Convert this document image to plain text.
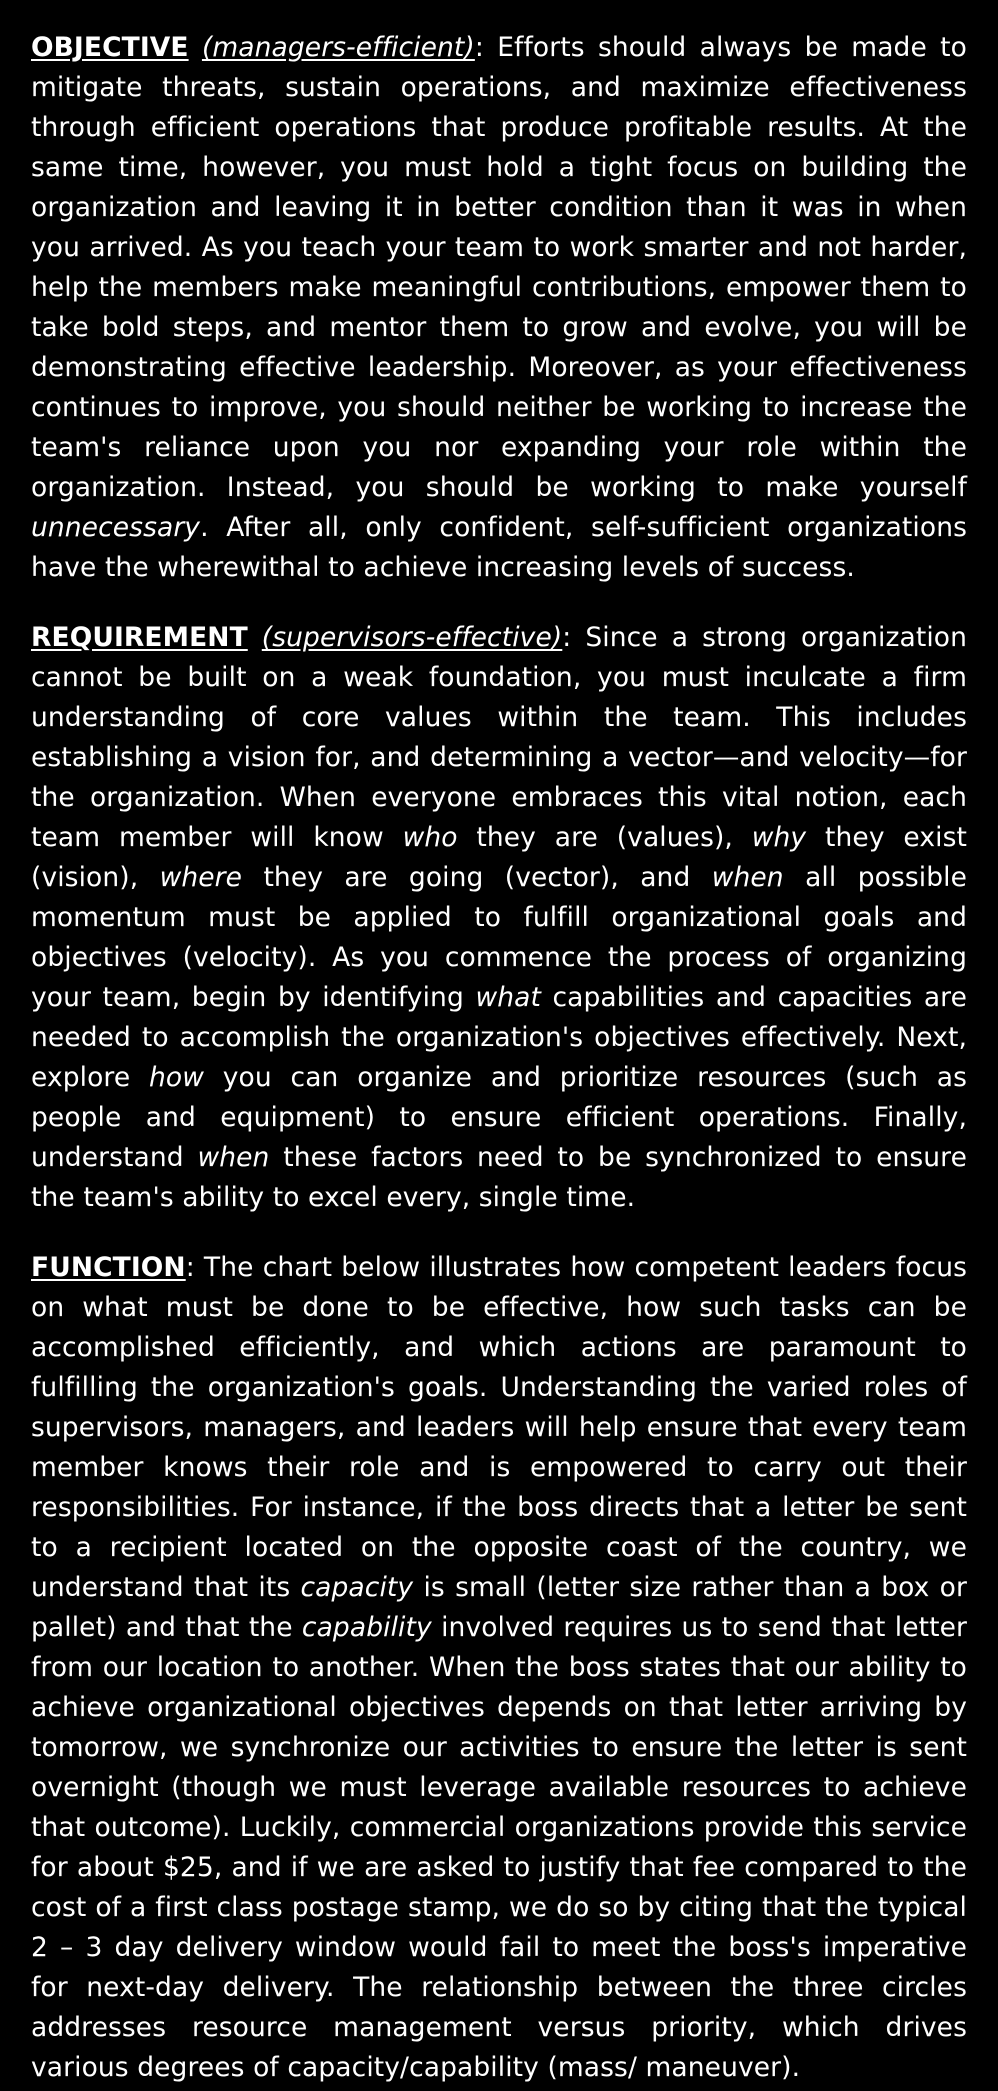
OBJECTIVE (managers-efficient): Efforts should always be made to mitigate threats, sustain operations, and maximize effectiveness through efficient operations that produce profitable results. At the same time, however, you must hold a tight focus on building the organization and leaving it in better condition than it was in when you arrived. As you teach your team to work smarter and not harder, help the members make meaningful contributions, empower them to take bold steps, and mentor them to grow and evolve, you will be demonstrating effective leadership. Moreover, as your effectiveness continues to improve, you should neither be working to increase the team's reliance upon you nor expanding your role within the organization. Instead, you should be working to make yourself unnecessary. After all, only confident, self-sufficient organizations have the wherewithal to achieve increasing levels of success.

REQUIREMENT (supervisors-effective): Since a strong organization cannot be built on a weak foundation, you must inculcate a firm understanding of core values within the team. This includes establishing a vision for, and determining a vector—and velocity—for the organization. When everyone embraces this vital notion, each team member will know who they are (values), why they exist (vision), where they are going (vector), and when all possible momentum must be applied to fulfill organizational goals and objectives (velocity). As you commence the process of organizing your team, begin by identifying what capabilities and capacities are needed to accomplish the organization's objectives effectively. Next, explore how you can organize and prioritize resources (such as people and equipment) to ensure efficient operations. Finally, understand when these factors need to be synchronized to ensure the team's ability to excel every, single time.

FUNCTION: The chart below illustrates how competent leaders focus on what must be done to be effective, how such tasks can be accomplished efficiently, and which actions are paramount to fulfilling the organization's goals. Understanding the varied roles of supervisors, managers, and leaders will help ensure that every team member knows their role and is empowered to carry out their responsibilities. For instance, if the boss directs that a letter be sent to a recipient located on the opposite coast of the country, we understand that its capacity is small (letter size rather than a box or pallet) and that the capability involved requires us to send that letter from our location to another. When the boss states that our ability to achieve organizational objectives depends on that letter arriving by tomorrow, we synchronize our activities to ensure the letter is sent overnight (though we must leverage available resources to achieve that outcome). Luckily, commercial organizations provide this service for about $25, and if we are asked to justify that fee compared to the cost of a first class postage stamp, we do so by citing that the typical 2 – 3 day delivery window would fail to meet the boss's imperative for next-day delivery. The relationship between the three circles addresses resource management versus priority, which drives various degrees of capacity/capability (mass/ maneuver).
